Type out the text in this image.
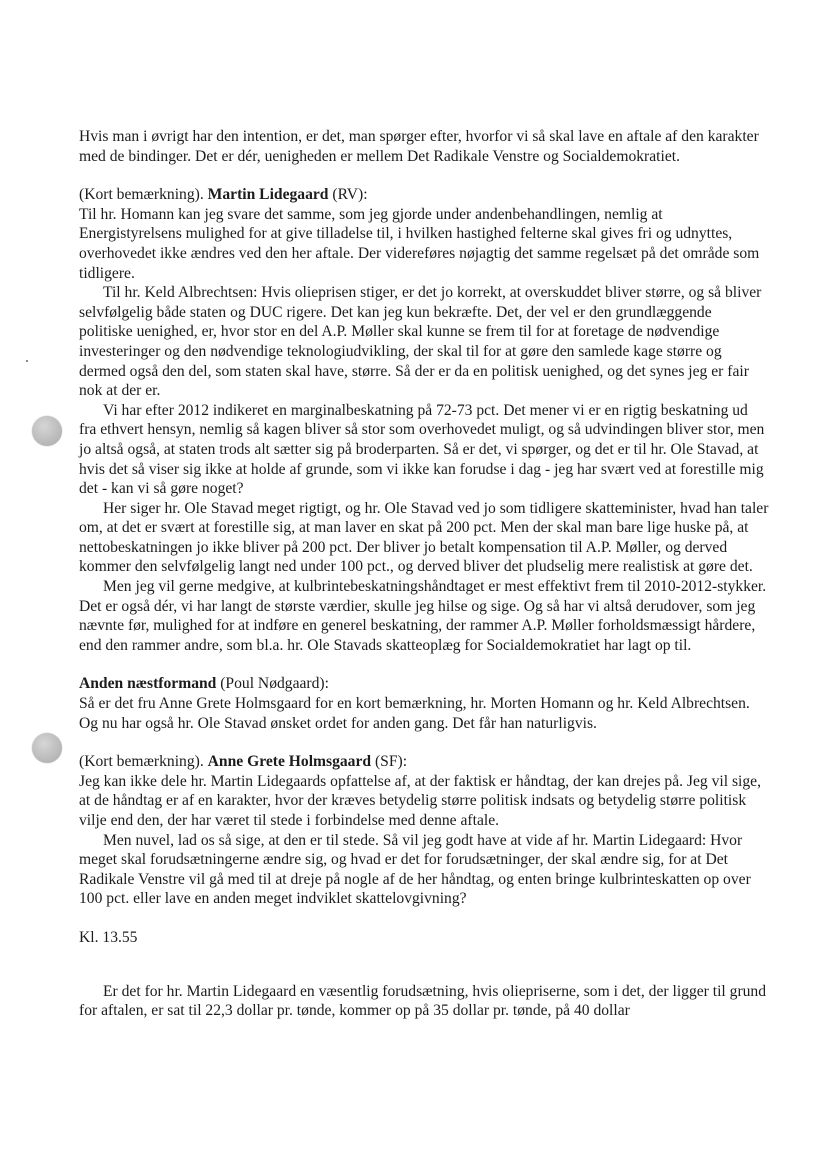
Hvis man i øvrigt har den intention, er det, man spørger efter, hvorfor vi så skal lave en aftale af den karakter med de bindinger. Det er dér, uenigheden er mellem Det Radikale Venstre og Socialdemokratiet.

(Kort bemærkning). Martin Lidegaard (RV):

Til hr. Homann kan jeg svare det samme, som jeg gjorde under andenbehandlingen, nemlig at Energistyrelsens mulighed for at give tilladelse til, i hvilken hastighed felterne skal gives fri og udnyttes, overhovedet ikke ændres ved den her aftale. Der videreføres nøjagtig det samme regelsæt på det område som tidligere.

Til hr. Keld Albrechtsen: Hvis olieprisen stiger, er det jo korrekt, at overskuddet bliver større, og så bliver selvfølgelig både staten og DUC rigere. Det kan jeg kun bekræfte. Det, der vel er den grundlæggende politiske uenighed, er, hvor stor en del A.P. Møller skal kunne se frem til for at foretage de nødvendige investeringer og den nødvendige teknologiudvikling, der skal til for at gøre den samlede kage større og dermed også den del, som staten skal have, større. Så der er da en politisk uenighed, og det synes jeg er fair nok at der er.

Vi har efter 2012 indikeret en marginalbeskatning på 72-73 pct. Det mener vi er en rigtig beskatning ud fra ethvert hensyn, nemlig så kagen bliver så stor som overhovedet muligt, og så udvindingen bliver stor, men jo altså også, at staten trods alt sætter sig på broderparten. Så er det, vi spørger, og det er til hr. Ole Stavad, at hvis det så viser sig ikke at holde af grunde, som vi ikke kan forudse i dag - jeg har svært ved at forestille mig det - kan vi så gøre noget?

Her siger hr. Ole Stavad meget rigtigt, og hr. Ole Stavad ved jo som tidligere skatteminister, hvad han taler om, at det er svært at forestille sig, at man laver en skat på 200 pct. Men der skal man bare lige huske på, at nettobeskatningen jo ikke bliver på 200 pct. Der bliver jo betalt kompensation til A.P. Møller, og derved kommer den selvfølgelig langt ned under 100 pct., og derved bliver det pludselig mere realistisk at gøre det.

Men jeg vil gerne medgive, at kulbrintebeskatningshåndtaget er mest effektivt frem til 2010-2012-stykker. Det er også dér, vi har langt de største værdier, skulle jeg hilse og sige. Og så har vi altså derudover, som jeg nævnte før, mulighed for at indføre en generel beskatning, der rammer A.P. Møller forholdsmæssigt hårdere, end den rammer andre, som bl.a. hr. Ole Stavads skatteoplæg for Socialdemokratiet har lagt op til.

Anden næstformand (Poul Nødgaard):

Så er det fru Anne Grete Holmsgaard for en kort bemærkning, hr. Morten Homann og hr. Keld Albrechtsen. Og nu har også hr. Ole Stavad ønsket ordet for anden gang. Det får han naturligvis.

(Kort bemærkning). Anne Grete Holmsgaard (SF):

Jeg kan ikke dele hr. Martin Lidegaards opfattelse af, at der faktisk er håndtag, der kan drejes på. Jeg vil sige, at de håndtag er af en karakter, hvor der kræves betydelig større politisk indsats og betydelig større politisk vilje end den, der har været til stede i forbindelse med denne aftale.

Men nuvel, lad os så sige, at den er til stede. Så vil jeg godt have at vide af hr. Martin Lidegaard: Hvor meget skal forudsætningerne ændre sig, og hvad er det for forudsætninger, der skal ændre sig, for at Det Radikale Venstre vil gå med til at dreje på nogle af de her håndtag, og enten bringe kulbrinteskatten op over 100 pct. eller lave en anden meget indviklet skattelovgivning?

Kl. 13.55

Er det for hr. Martin Lidegaard en væsentlig forudsætning, hvis oliepriserne, som i det, der ligger til grund for aftalen, er sat til 22,3 dollar pr. tønde, kommer op på 35 dollar pr. tønde, på 40 dollar
